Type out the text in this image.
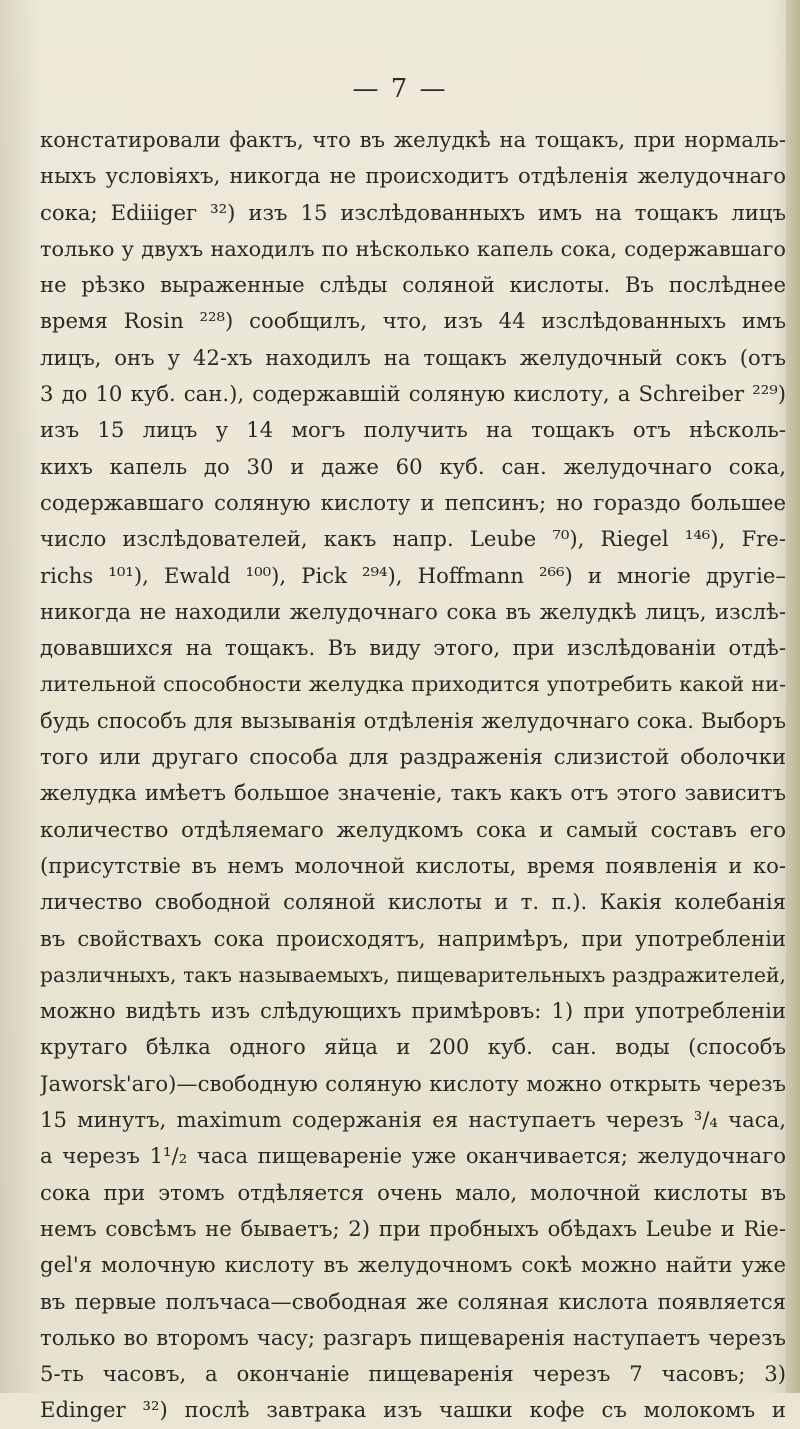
— 7 —
констатировали фактъ, что въ желудкѣ на тощакъ, при нормаль-
ныхъ условіяхъ, никогда не происходитъ отдѣленія желудочнаго
сока; Ediiigег ³²) изъ 15 изслѣдованныхъ имъ на тощакъ лицъ
только у двухъ находилъ по нѣсколько капель сока, содержавшаго
не рѣзко выраженные слѣды соляной кислоты. Въ послѣднее
время Rosin ²²⁸) сообщилъ, что, изъ 44 изслѣдованныхъ имъ
лицъ, онъ у 42-хъ находилъ на тощакъ желудочный сокъ (отъ
3 до 10 куб. сан.), содержавшій соляную кислоту, а Schreiber ²²⁹)
изъ 15 лицъ у 14 могъ получить на тощакъ отъ нѣсколь-
кихъ капель до 30 и даже 60 куб. сан. желудочнаго сока,
содержавшаго соляную кислоту и пепсинъ; но гораздо большее
число изслѣдователей, какъ напр. Leube ⁷⁰), Riegel ¹⁴⁶), Fre-
richs ¹⁰¹), Ewald ¹⁰⁰), Pick ²⁹⁴), Hoffmann ²⁶⁶) и многіе другіе–
никогда не находили желудочнаго сока въ желудкѣ лицъ, изслѣ-
довавшихся на тощакъ. Въ виду этого, при изслѣдованіи отдѣ-
лительной способности желудка приходится употребить какой ни-
будь способъ для вызыванія отдѣленія желудочнаго сока. Выборъ
того или другаго способа для раздраженія слизистой оболочки
желудка имѣетъ большое значеніе, такъ какъ отъ этого зависитъ
количество отдѣляемаго желудкомъ сока и самый составъ его
(присутствіе въ немъ молочной кислоты, время появленія и ко-
личество свободной соляной кислоты и т. п.). Какія колебанія
въ свойствахъ сока происходятъ, напримѣръ, при употребленіи
различныхъ, такъ называемыхъ, пищеварительныхъ раздражителей,
можно видѣть изъ слѣдующихъ примѣровъ: 1) при употребленіи
крутаго бѣлка одного яйца и 200 куб. сан. воды (способъ
Jaworsk'аго)—свободную соляную кислоту можно открыть черезъ
15 минутъ, maximum содержанія ея наступаетъ черезъ ³/₄ часа,
а черезъ 1¹/₂ часа пищевареніе уже оканчивается; желудочнаго
сока при этомъ отдѣляется очень мало, молочной кислоты въ
немъ совсѣмъ не бываетъ; 2) при пробныхъ обѣдахъ Leube и Rie-
gel'я молочную кислоту въ желудочномъ сокѣ можно найти уже
въ первые полъчаса—свободная же соляная кислота появляется
только во второмъ часу; разгаръ пищеваренія наступаетъ черезъ
5-ть часовъ, а окончаніе пищеваренія черезъ 7 часовъ; 3)
Edinger ³²) послѣ завтрака изъ чашки кофе съ молокомъ и
